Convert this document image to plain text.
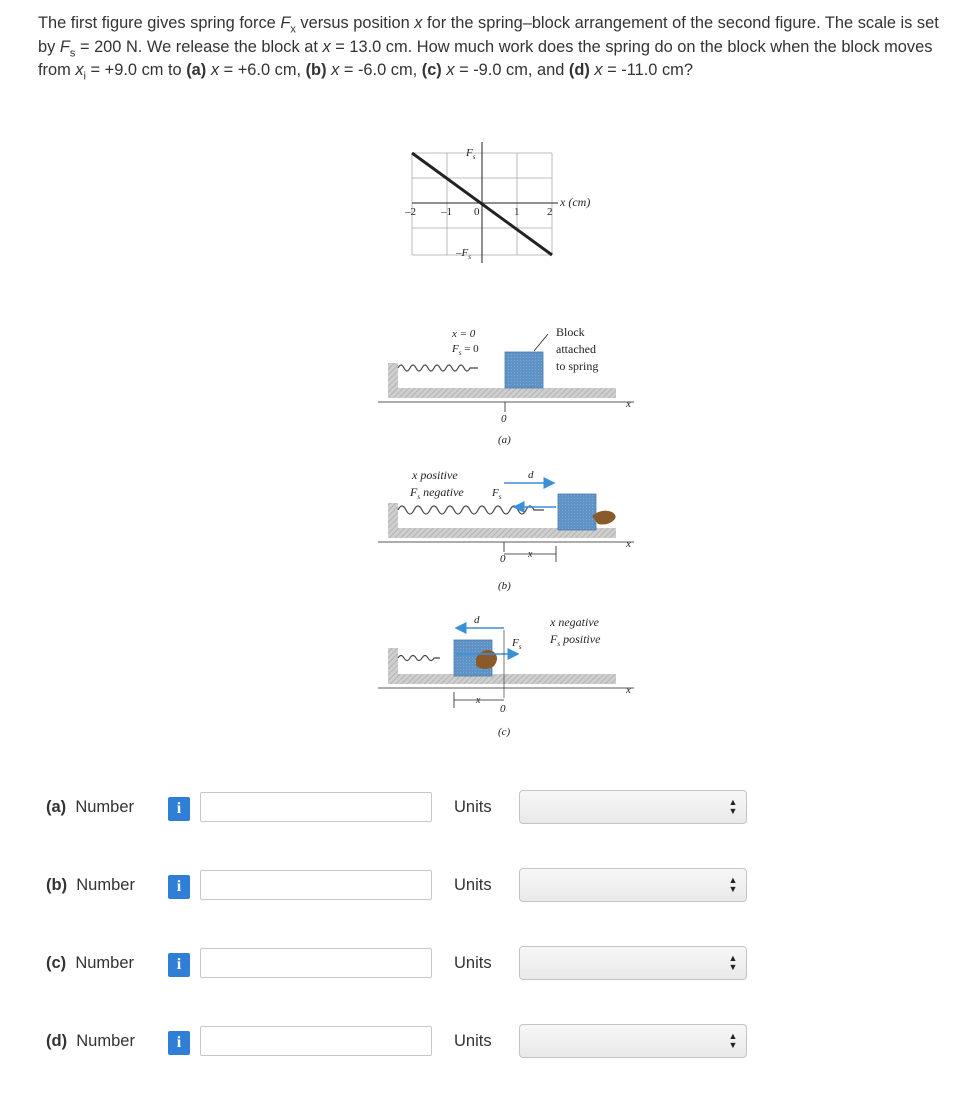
The first figure gives spring force $F_x$ versus position x for the spring–block arrangement of the second figure. The scale is set by $F_s = 200$ N. We release the block at x = 13.0 cm. How much work does the spring do on the block when the block moves from $x_i = +9.0$ cm to (a) x = +6.0 cm, (b) x = -6.0 cm, (c) x = -9.0 cm, and (d) x = -11.0 cm?
$F_s$
$-F_s$
–2 –1 0	1	2
x (cm)
x = 0
$F_s = 0$
Block
attached
to spring
0
x
(a)
x positive
$F_s$ negative
d
$F_s$
0 x
x
(b)
x negative
$F_s$ positive
d
$F_s$
0
x
x
(c)
(a) Number	i	Units	▲
▼
(b) Number	i	Units	▲
▼
(c) Number	i	Units	▲
▼
(d) Number	i	Units	▲
▼
